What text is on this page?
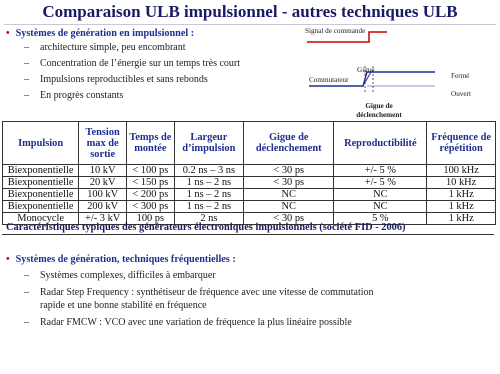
Comparaison ULB impulsionnel - autres techniques ULB
• Systèmes de génération en impulsionnel :
– architecture simple, peu encombrant
– Concentration de l’énergie sur un temps très court
– Impulsions reproductibles et sans rebonds
– En progrès constants
Signal de commande
Gigue
Commutateur	Fermé
Ouvert
Gigue de déclenchement
Impulsion	Tension max de sortie	Temps de montée	Largeur d’impulsion	Gigue de déclenchement	Reproductibilité	Fréquence de répétition
Biexponentielle	10 kV	< 100 ps	0.2 ns – 3 ns	< 30 ps	+/- 5 %	100 kHz
Biexponentielle	20 kV	< 150 ps	1 ns – 2 ns	< 30 ps	+/- 5 %	10 kHz
Biexponentielle	100 kV	< 200 ps	1 ns – 2 ns	NC	NC	1 kHz
Biexponentielle	200 kV	< 300 ps	1 ns – 2 ns	NC	NC	1 kHz
Monocycle	+/- 3 kV	100 ps	2 ns	< 30 ps	5 %	1 kHz
Caractéristiques typiques des générateurs électroniques impulsionnels (société FID - 2006)
• Systèmes de génération, techniques fréquentielles :
– Systèmes complexes, difficiles à embarquer
– Radar Step Frequency : synthétiseur de fréquence avec une vitesse de commutation
rapide et une bonne stabilité en fréquence
– Radar FMCW : VCO avec une variation de fréquence la plus linéaire possible
